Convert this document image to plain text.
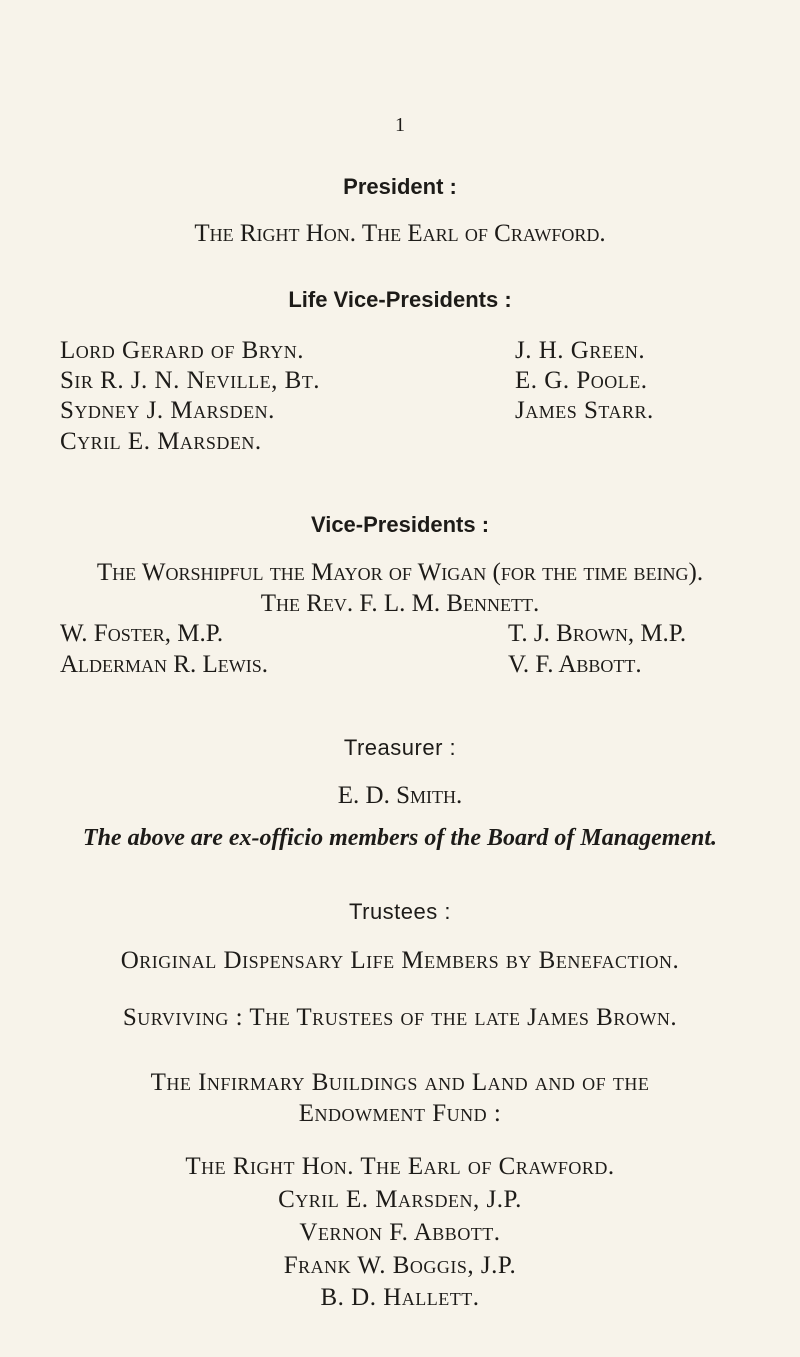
1
President :
The Right Hon. The Earl of Crawford.
Life Vice-Presidents :
Lord Gerard of Bryn.
Sir R. J. N. Neville, Bt.
Sydney J. Marsden.
Cyril E. Marsden.
J. H. Green.
E. G. Poole.
James Starr.
Vice-Presidents :
The Worshipful the Mayor of Wigan (for the time being).
The Rev. F. L. M. Bennett.
W. Foster, M.P.
Alderman R. Lewis.
T. J. Brown, M.P.
V. F. Abbott.
Treasurer :
E. D. Smith.
The above are ex-officio members of the Board of Management.
Trustees :
Original Dispensary Life Members by Benefaction.
Surviving : The Trustees of the late James Brown.
The Infirmary Buildings and Land and of the
Endowment Fund :
The Right Hon. The Earl of Crawford.
Cyril E. Marsden, J.P.
Vernon F. Abbott.
Frank W. Boggis, J.P.
B. D. Hallett.
